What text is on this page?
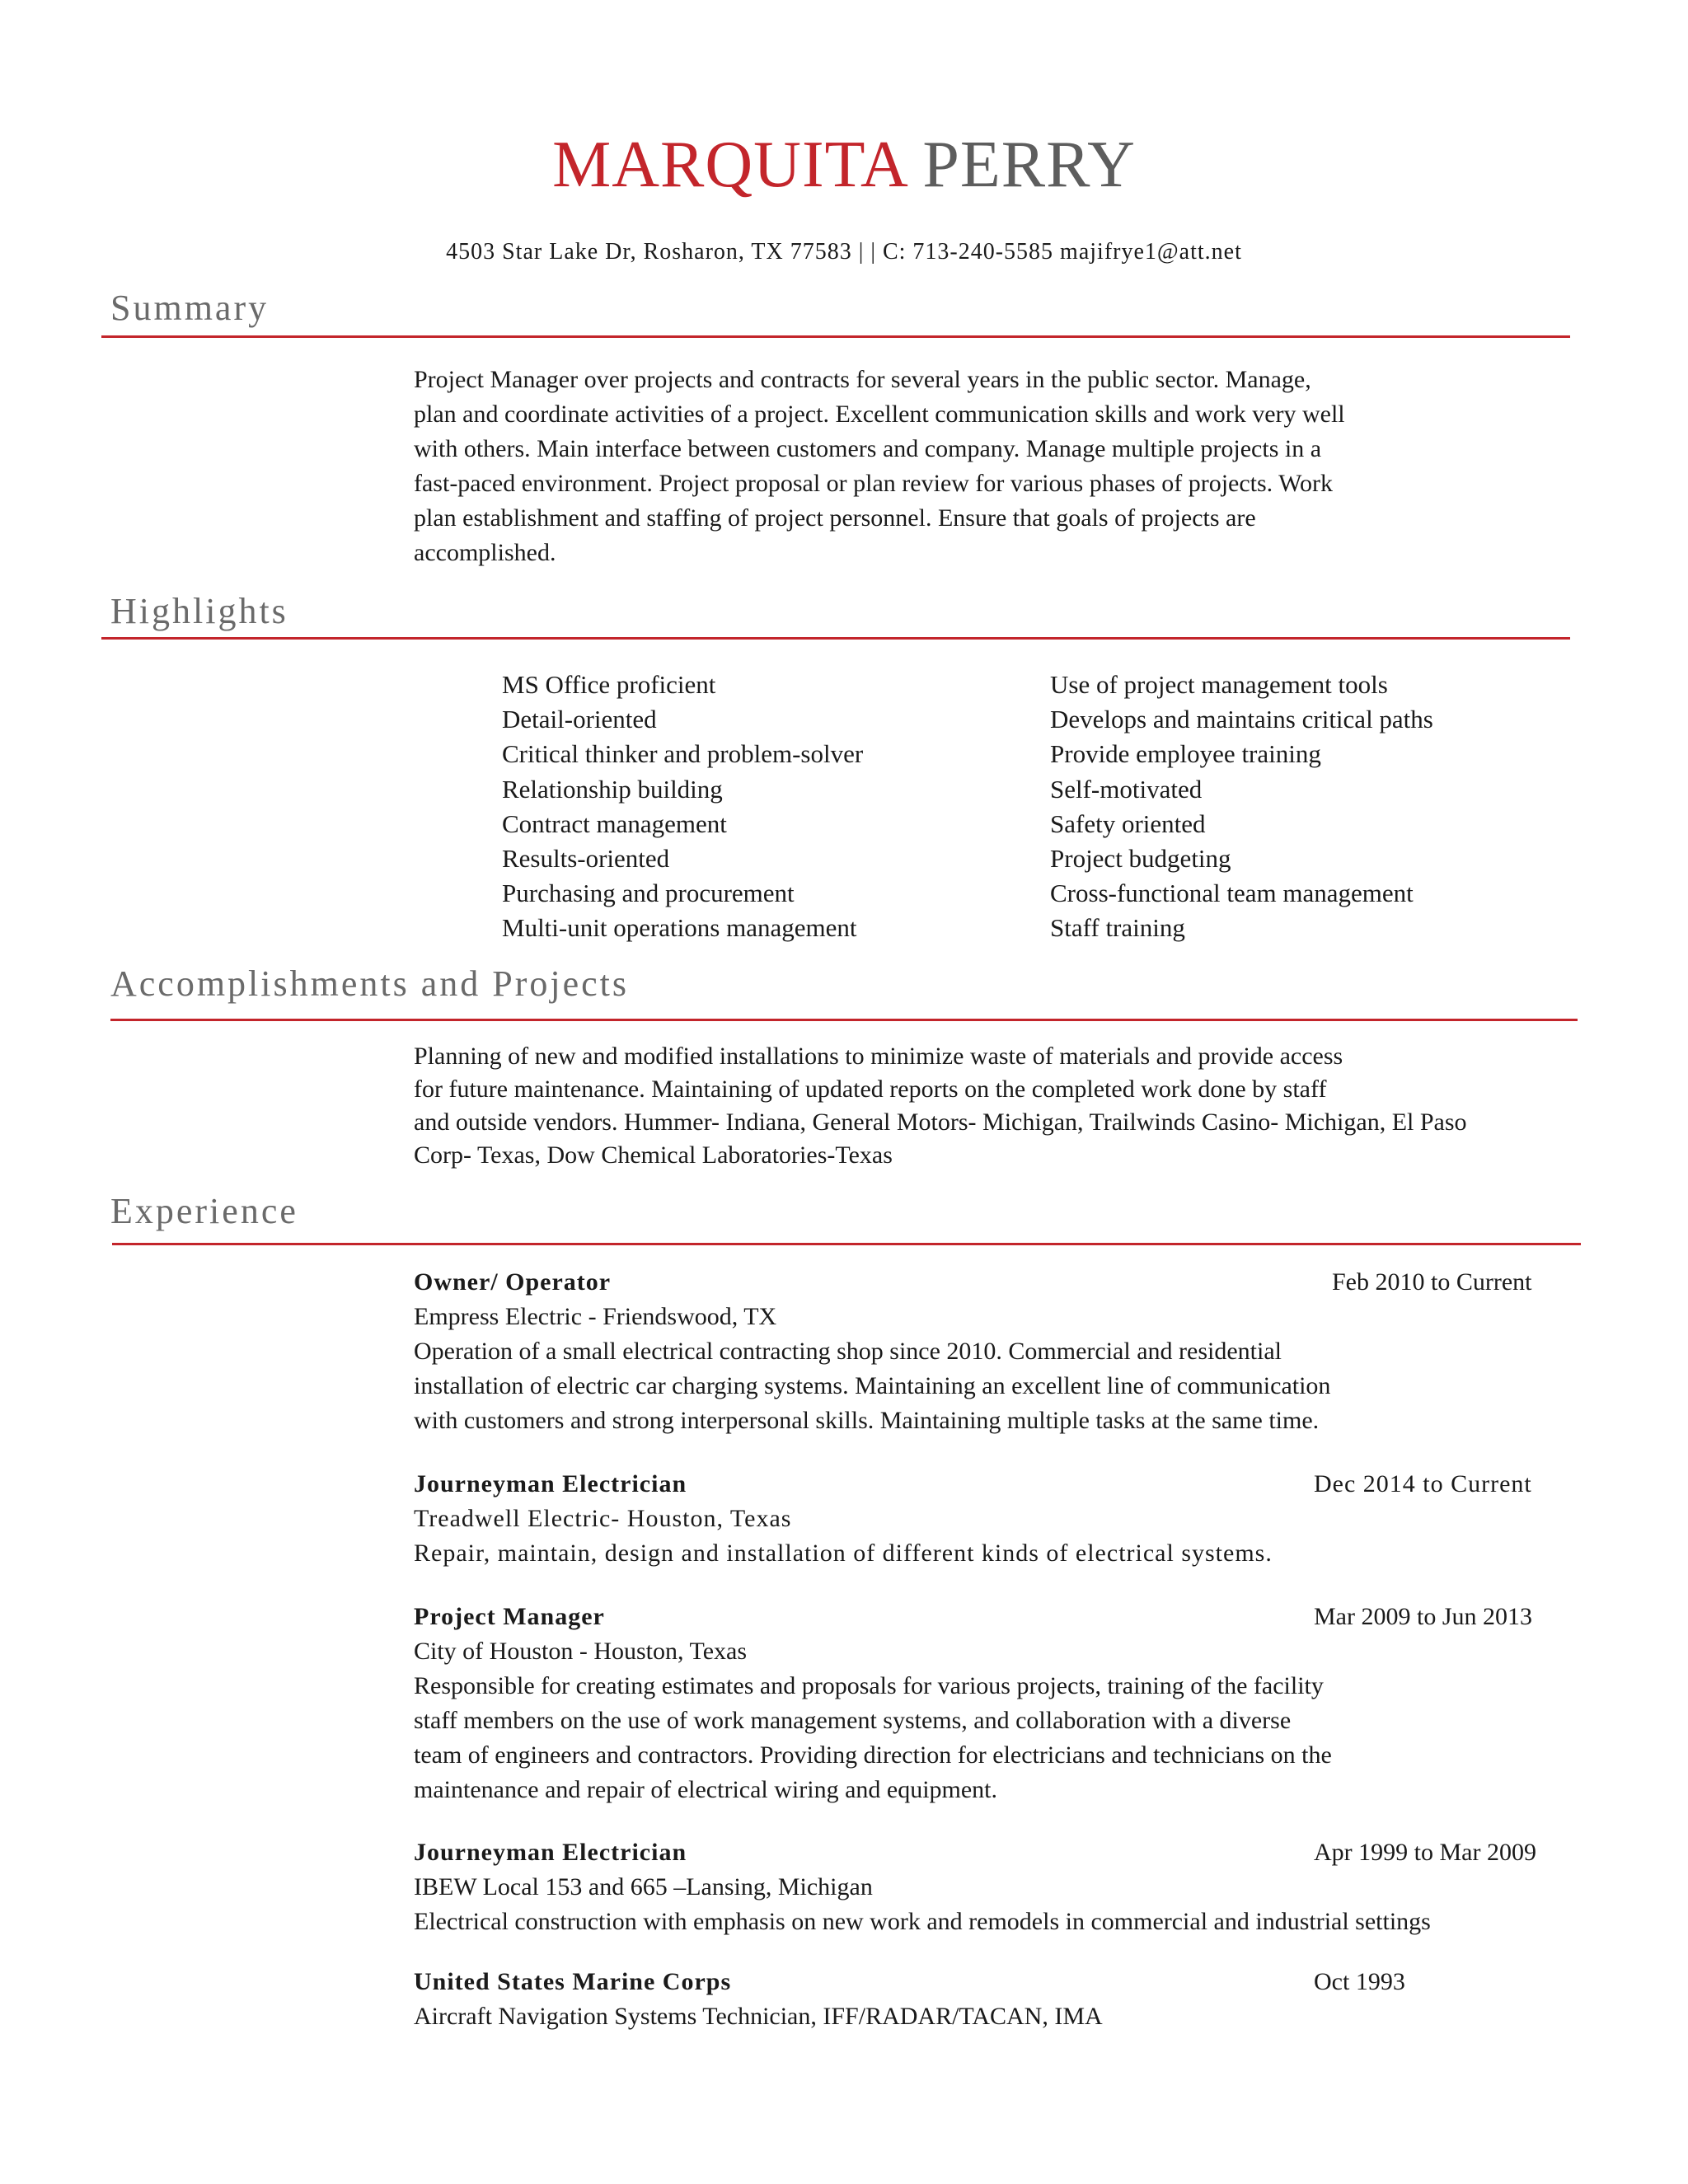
MARQUITA PERRY
4503 Star Lake Dr, Rosharon, TX 77583 | | C: 713-240-5585 majifrye1@att.net
Summary

Project Manager over projects and contracts for several years in the public sector. Manage,
plan and coordinate activities of a project. Excellent communication skills and work very well
with others. Main interface between customers and company. Manage multiple projects in a
fast-paced environment. Project proposal or plan review for various phases of projects. Work
plan establishment and staffing of project personnel. Ensure that goals of projects are
accomplished.

Highlights
MS Office proficient
Detail-oriented
Critical thinker and problem-solver
Relationship building
Contract management
Results-oriented
Purchasing and procurement
Multi-unit operations management
Use of project management tools
Develops and maintains critical paths
Provide employee training
Self-motivated
Safety oriented
Project budgeting
Cross-functional team management
Staff training
Accomplishments and Projects

Planning of new and modified installations to minimize waste of materials and provide access
for future maintenance. Maintaining of updated reports on the completed work done by staff
and outside vendors. Hummer- Indiana, General Motors- Michigan, Trailwinds Casino- Michigan, El Paso
Corp- Texas, Dow Chemical Laboratories-Texas

Experience
Owner/ Operator	Feb 2010 to Current
Empress Electric - Friendswood, TX
Operation of a small electrical contracting shop since 2010. Commercial and residential
installation of electric car charging systems. Maintaining an excellent line of communication
with customers and strong interpersonal skills. Maintaining multiple tasks at the same time.
Journeyman Electrician	Dec 2014 to Current
Treadwell Electric- Houston, Texas
Repair, maintain, design and installation of different kinds of electrical systems.
Project Manager	Mar 2009 to Jun 2013
City of Houston - Houston, Texas
Responsible for creating estimates and proposals for various projects, training of the facility
staff members on the use of work management systems, and collaboration with a diverse
team of engineers and contractors. Providing direction for electricians and technicians on the
maintenance and repair of electrical wiring and equipment.
Journeyman Electrician	Apr 1999 to Mar 2009
IBEW Local 153 and 665 –Lansing, Michigan
Electrical construction with emphasis on new work and remodels in commercial and industrial settings
United States Marine Corps	Oct 1993
Aircraft Navigation Systems Technician, IFF/RADAR/TACAN, IMA
